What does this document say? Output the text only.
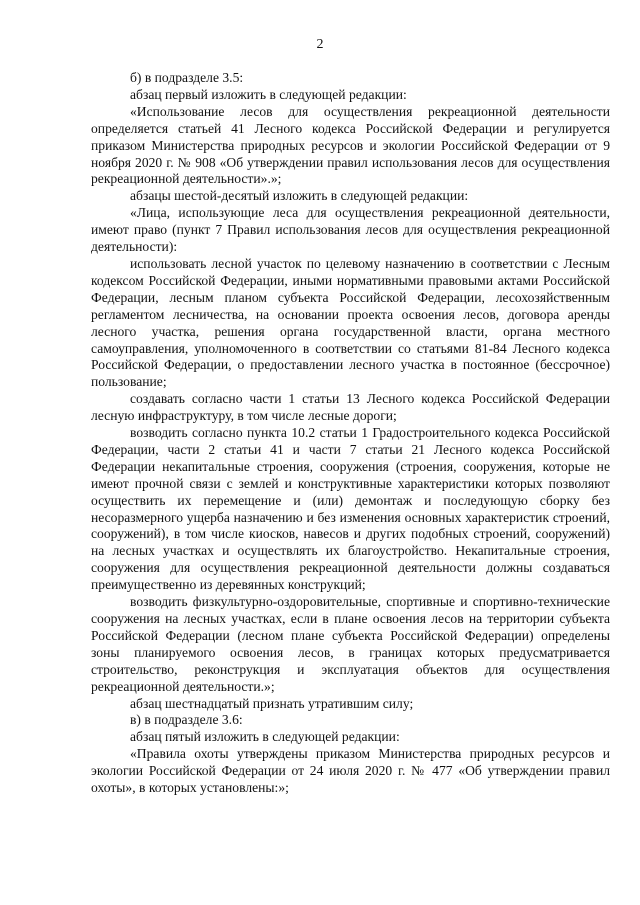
2

б) в подразделе 3.5:

абзац первый изложить в следующей редакции:

«Использование лесов для осуществления рекреационной деятельности определяется статьей 41 Лесного кодекса Российской Федерации и регулируется приказом Министерства природных ресурсов и экологии Российской Федерации от 9 ноября 2020 г. № 908 «Об утверждении правил использования лесов для осуществления рекреационной деятельности».»;

абзацы шестой-десятый изложить в следующей редакции:

«Лица, использующие леса для осуществления рекреационной деятельности, имеют право (пункт 7 Правил использования лесов для осуществления рекреационной деятельности):

использовать лесной участок по целевому назначению в соответствии с Лесным кодексом Российской Федерации, иными нормативными правовыми актами Российской Федерации, лесным планом субъекта Российской Федерации, лесохозяйственным регламентом лесничества, на основании проекта освоения лесов, договора аренды лесного участка, решения органа государственной власти, органа местного самоуправления, уполномоченного в соответствии со статьями 81-84 Лесного кодекса Российской Федерации, о предоставлении лесного участка в постоянное (бессрочное) пользование;

создавать согласно части 1 статьи 13 Лесного кодекса Российской Федерации лесную инфраструктуру, в том числе лесные дороги;

возводить согласно пункта 10.2 статьи 1 Градостроительного кодекса Российской Федерации, части 2 статьи 41 и части 7 статьи 21 Лесного кодекса Российской Федерации некапитальные строения, сооружения (строения, сооружения, которые не имеют прочной связи с землей и конструктивные характеристики которых позволяют осуществить их перемещение и (или) демонтаж и последующую сборку без несоразмерного ущерба назначению и без изменения основных характеристик строений, сооружений), в том числе киосков, навесов и других подобных строений, сооружений) на лесных участках и осуществлять их благоустройство. Некапитальные строения, сооружения для осуществления рекреационной деятельности должны создаваться преимущественно из деревянных конструкций;

возводить физкультурно-оздоровительные, спортивные и спортивно-технические сооружения на лесных участках, если в плане освоения лесов на территории субъекта Российской Федерации (лесном плане субъекта Российской Федерации) определены зоны планируемого освоения лесов, в границах которых предусматривается строительство, реконструкция и эксплуатация объектов для осуществления рекреационной деятельности.»;

абзац шестнадцатый признать утратившим силу;

в) в подразделе 3.6:

абзац пятый изложить в следующей редакции:

«Правила охоты утверждены приказом Министерства природных ресурсов и экологии Российской Федерации от 24 июля 2020 г. № 477 «Об утверждении правил охоты», в которых установлены:»;
